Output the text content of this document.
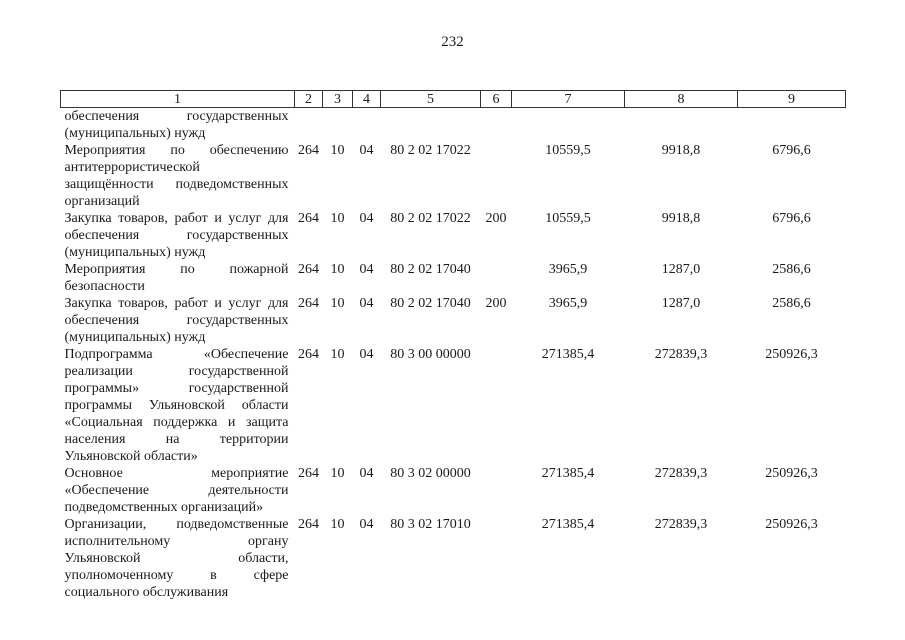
232
1	2	3	4	5	6	7	8	9
обеспечения государственных (муниципальных) нужд								
Мероприятия по обеспечению антитеррористической защищённости подведомственных организаций	264	10	04	80 2 02 17022		10559,5	9918,8	6796,6
Закупка товаров, работ и услуг для обеспечения государственных (муниципальных) нужд	264	10	04	80 2 02 17022	200	10559,5	9918,8	6796,6
Мероприятия по пожарной безопасности	264	10	04	80 2 02 17040		3965,9	1287,0	2586,6
Закупка товаров, работ и услуг для обеспечения государственных (муниципальных) нужд	264	10	04	80 2 02 17040	200	3965,9	1287,0	2586,6
Подпрограмма «Обеспечение реализации государственной программы» государственной программы Ульяновской области «Социальная поддержка и защита населения на территории Ульяновской области»	264	10	04	80 3 00 00000		271385,4	272839,3	250926,3
Основное мероприятие «Обеспечение деятельности подведомственных организаций»	264	10	04	80 3 02 00000		271385,4	272839,3	250926,3
Организации, подведомственные исполнительному органу Ульяновской области, уполномоченному в сфере социального обслуживания	264	10	04	80 3 02 17010		271385,4	272839,3	250926,3
